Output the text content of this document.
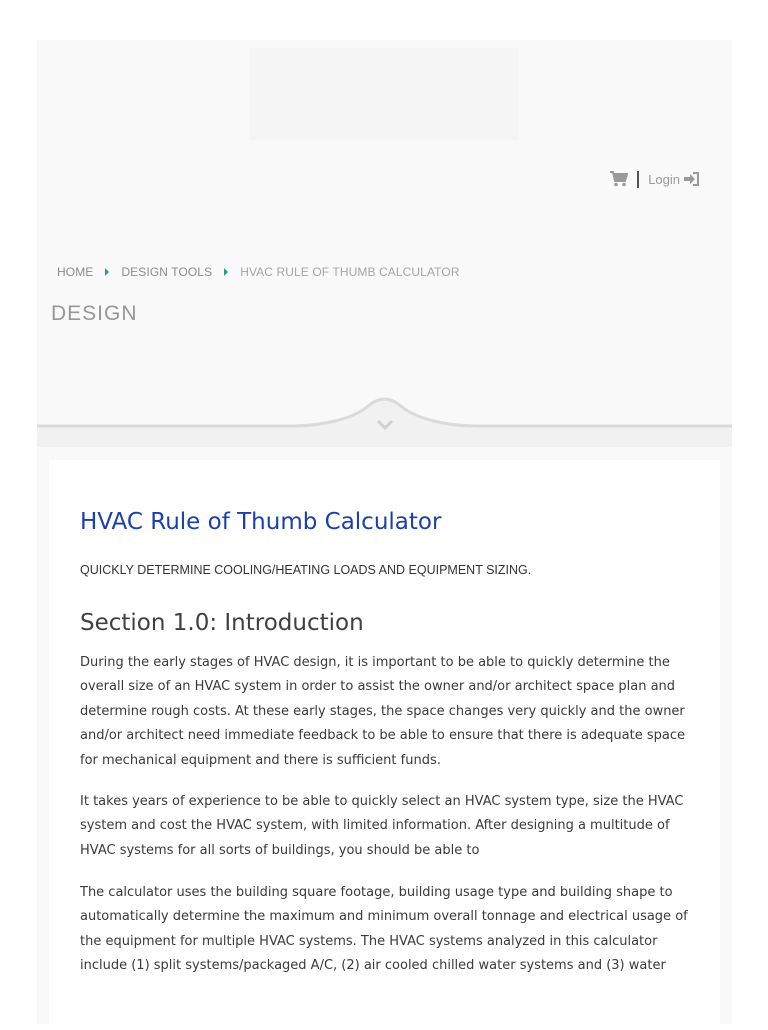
Login
HOME DESIGN TOOLS HVAC RULE OF THUMB CALCULATOR
DESIGN
HVAC Rule of Thumb Calculator
QUICKLY DETERMINE COOLING/HEATING LOADS AND EQUIPMENT SIZING.
Section 1.0: Introduction

During the early stages of HVAC design, it is important to be able to quickly determine the overall size of an HVAC system in order to assist the owner and/or architect space plan and determine rough costs. At these early stages, the space changes very quickly and the owner and/or architect need immediate feedback to be able to ensure that there is adequate space for mechanical equipment and there is sufficient funds.

It takes years of experience to be able to quickly select an HVAC system type, size the HVAC system and cost the HVAC system, with limited information. After designing a multitude of HVAC systems for all sorts of buildings, you should be able to

The calculator uses the building square footage, building usage type and building shape to automatically determine the maximum and minimum overall tonnage and electrical usage of the equipment for multiple HVAC systems. The HVAC systems analyzed in this calculator include (1) split systems/packaged A/C, (2) air cooled chilled water systems and (3) water
